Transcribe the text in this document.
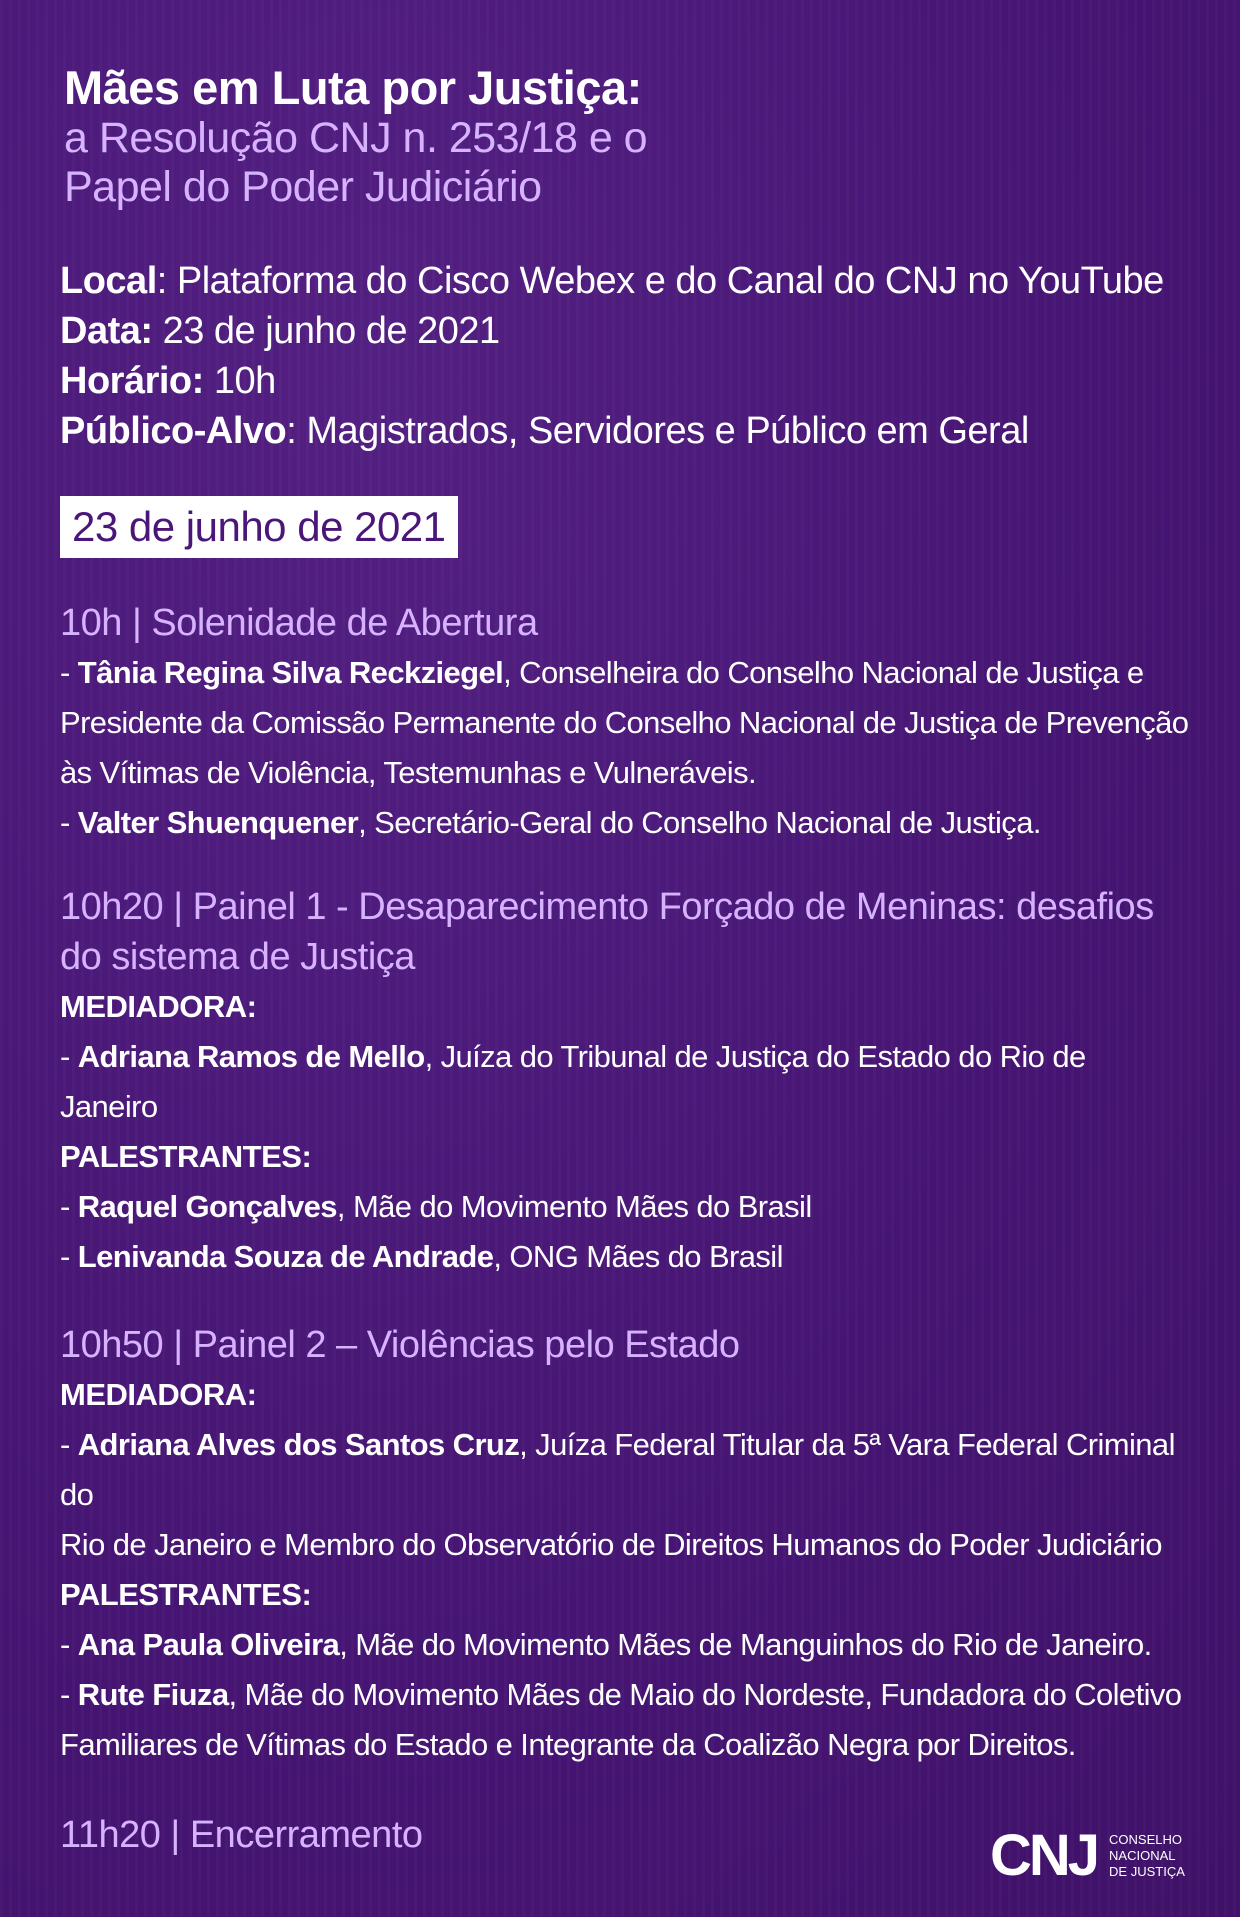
Mães em Luta por Justiça:
a Resolução CNJ n. 253/18 e o
Papel do Poder Judiciário
Local: Plataforma do Cisco Webex e do Canal do CNJ no YouTube
Data: 23 de junho de 2021
Horário: 10h
Público-Alvo: Magistrados, Servidores e Público em Geral
23 de junho de 2021
10h | Solenidade de Abertura
- Tânia Regina Silva Reckziegel, Conselheira do Conselho Nacional de Justiça e
Presidente da Comissão Permanente do Conselho Nacional de Justiça de Prevenção
às Vítimas de Violência, Testemunhas e Vulneráveis.
- Valter Shuenquener, Secretário-Geral do Conselho Nacional de Justiça.
10h20 | Painel 1 - Desaparecimento Forçado de Meninas: desafios
do sistema de Justiça
MEDIADORA:
- Adriana Ramos de Mello, Juíza do Tribunal de Justiça do Estado do Rio de Janeiro
PALESTRANTES:
- Raquel Gonçalves, Mãe do Movimento Mães do Brasil
- Lenivanda Souza de Andrade, ONG Mães do Brasil
10h50 | Painel 2 – Violências pelo Estado
MEDIADORA:
- Adriana Alves dos Santos Cruz, Juíza Federal Titular da 5ª Vara Federal Criminal do
Rio de Janeiro e Membro do Observatório de Direitos Humanos do Poder Judiciário
PALESTRANTES:
- Ana Paula Oliveira, Mãe do Movimento Mães de Manguinhos do Rio de Janeiro.
- Rute Fiuza, Mãe do Movimento Mães de Maio do Nordeste, Fundadora do Coletivo
Familiares de Vítimas do Estado e Integrante da Coalizão Negra por Direitos.
11h20 | Encerramento	CNJ CONSELHO
NACIONAL
DE JUSTIÇA
